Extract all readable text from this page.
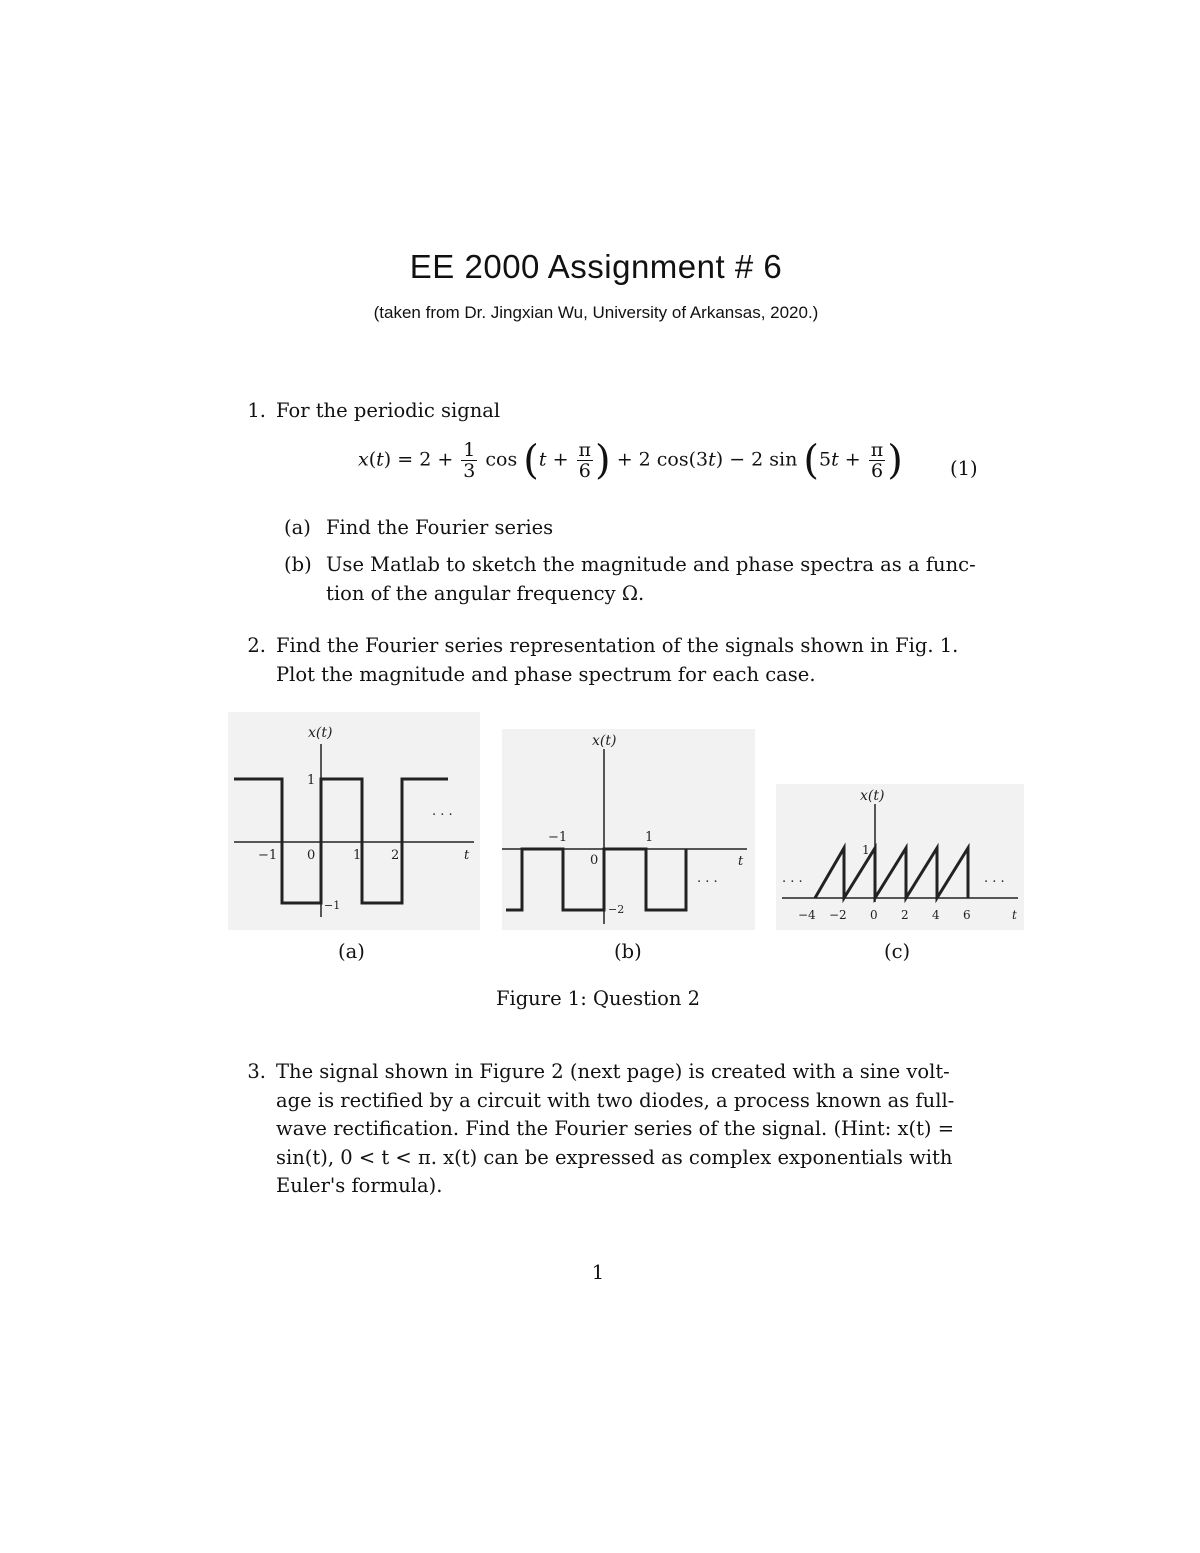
EE 2000 Assignment # 6
(taken from Dr. Jingxian Wu, University of Arkansas, 2020.)
1. For the periodic signal
$x(t) = 2 + \frac{1}{3}$ $\cos (t + \frac{\pi}{6}$ ) + 2 cos(3t) − 2 $\sin (5t + \frac{\pi}{6}$ ) (1)
(a) Find the Fourier series
(b) Use Matlab to sketch the magnitude and phase spectra as a func-
tion of the angular frequency Ω.
2. Find the Fourier series representation of the signals shown in Fig. 1.
Plot the magnitude and phase spectrum for each case.
x(t)
−1 0	1 2	t
1
−1
. . .
x(t)
−1	1
0
−2
t
. . .
x(t)
−4 −2 0 2 4 6	t
1
. . .	. . .
(a)	(b)	(c)
Figure 1: Question 2
3. The signal shown in Figure 2 (next page) is created with a sine volt-
age is rectified by a circuit with two diodes, a process known as full-
wave rectification. Find the Fourier series of the signal. (Hint: x(t) =
sin(t), 0 < t < π. x(t) can be expressed as complex exponentials with
Euler's formula).
1
